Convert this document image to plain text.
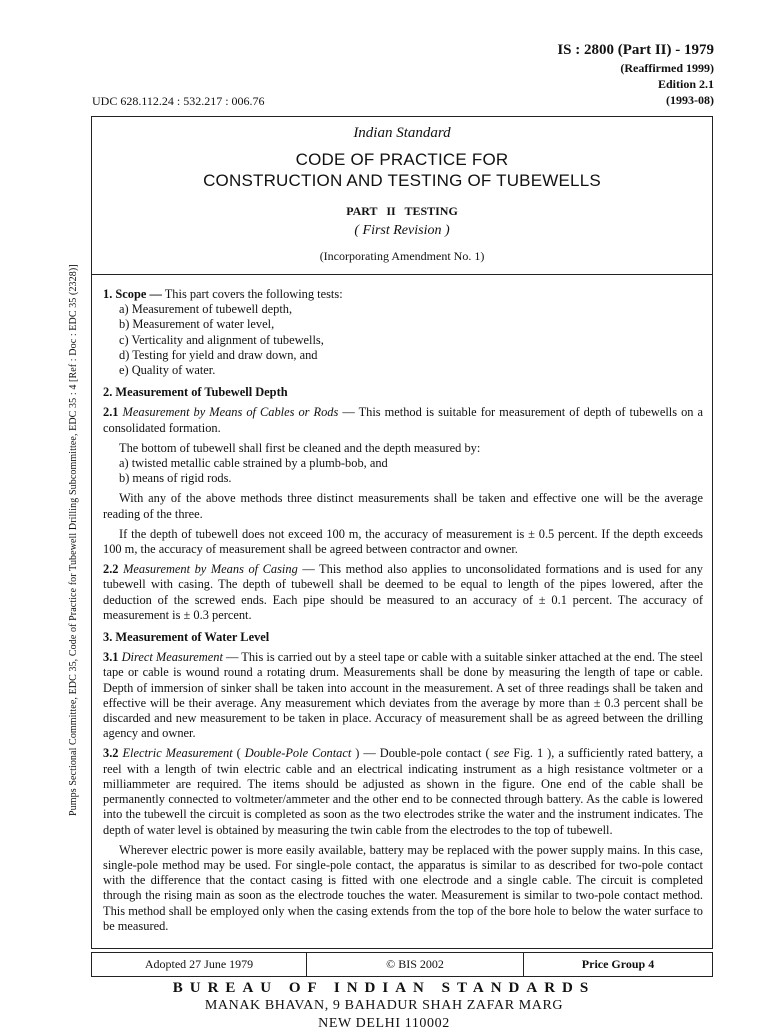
IS : 2800 (Part II) - 1979
(Reaffirmed 1999)
Edition 2.1
(1993-08)
UDC 628.112.24 : 532.217 : 006.76
Pumps Sectional Committee, EDC 35, Code of Practice for Tubewell Drilling Subcommittee, EDC 35 : 4 [Ref : Doc : EDC 35 (2328)]
Indian Standard
CODE OF PRACTICE FOR
CONSTRUCTION AND TESTING OF TUBEWELLS
PART II TESTING
( First Revision )
(Incorporating Amendment No. 1)

1. Scope — This part covers the following tests:

a) Measurement of tubewell depth,

b) Measurement of water level,

c) Verticality and alignment of tubewells,

d) Testing for yield and draw down, and

e) Quality of water.

2. Measurement of Tubewell Depth

2.1 Measurement by Means of Cables or Rods — This method is suitable for measurement of depth of tubewells on a consolidated formation.

The bottom of tubewell shall first be cleaned and the depth measured by:

a) twisted metallic cable strained by a plumb-bob, and

b) means of rigid rods.

With any of the above methods three distinct measurements shall be taken and effective one will be the average reading of the three.

If the depth of tubewell does not exceed 100 m, the accuracy of measurement is ± 0.5 percent. If the depth exceeds 100 m, the accuracy of measurement shall be agreed between contractor and owner.

2.2 Measurement by Means of Casing — This method also applies to unconsolidated formations and is used for any tubewell with casing. The depth of tubewell shall be deemed to be equal to length of the pipes lowered, after the deduction of the screwed ends. Each pipe should be measured to an accuracy of ± 0.1 percent. The accuracy of measurement is ± 0.3 percent.

3. Measurement of Water Level

3.1 Direct Measurement — This is carried out by a steel tape or cable with a suitable sinker attached at the end. The steel tape or cable is wound round a rotating drum. Measurements shall be done by measuring the length of tape or cable. Depth of immersion of sinker shall be taken into account in the measurement. A set of three readings shall be taken and effective will be their average. Any measurement which deviates from the average by more than ± 0.3 percent shall be discarded and new measurement to be taken in place. Accuracy of measurement shall be as agreed between the drilling agency and owner.

3.2 Electric Measurement ( Double-Pole Contact ) — Double-pole contact ( see Fig. 1 ), a sufficiently rated battery, a reel with a length of twin electric cable and an electrical indicating instrument as a high resistance voltmeter or a milliammeter are required. The items should be adjusted as shown in the figure. One end of the cable shall be permanently connected to voltmeter/ammeter and the other end to be connected through battery. As the cable is lowered into the tubewell the circuit is completed as soon as the two electrodes strike the water and the instrument indicates. The depth of water level is obtained by measuring the twin cable from the electrodes to the top of tubewell.

Wherever electric power is more easily available, battery may be replaced with the power supply mains. In this case, single-pole method may be used. For single-pole contact, the apparatus is similar to as described for two-pole contact with the difference that the contact casing is fitted with one electrode and a single cable. The circuit is completed through the rising main as soon as the electrode touches the water. Measurement is similar to two-pole contact method. This method shall be employed only when the casing extends from the top of the bore hole to below the water surface to be measured.

Adopted 27 June 1979	© BIS 2002	Price Group 4
BUREAU OF INDIAN STANDARDS
MANAK BHAVAN, 9 BAHADUR SHAH ZAFAR MARG
NEW DELHI 110002
